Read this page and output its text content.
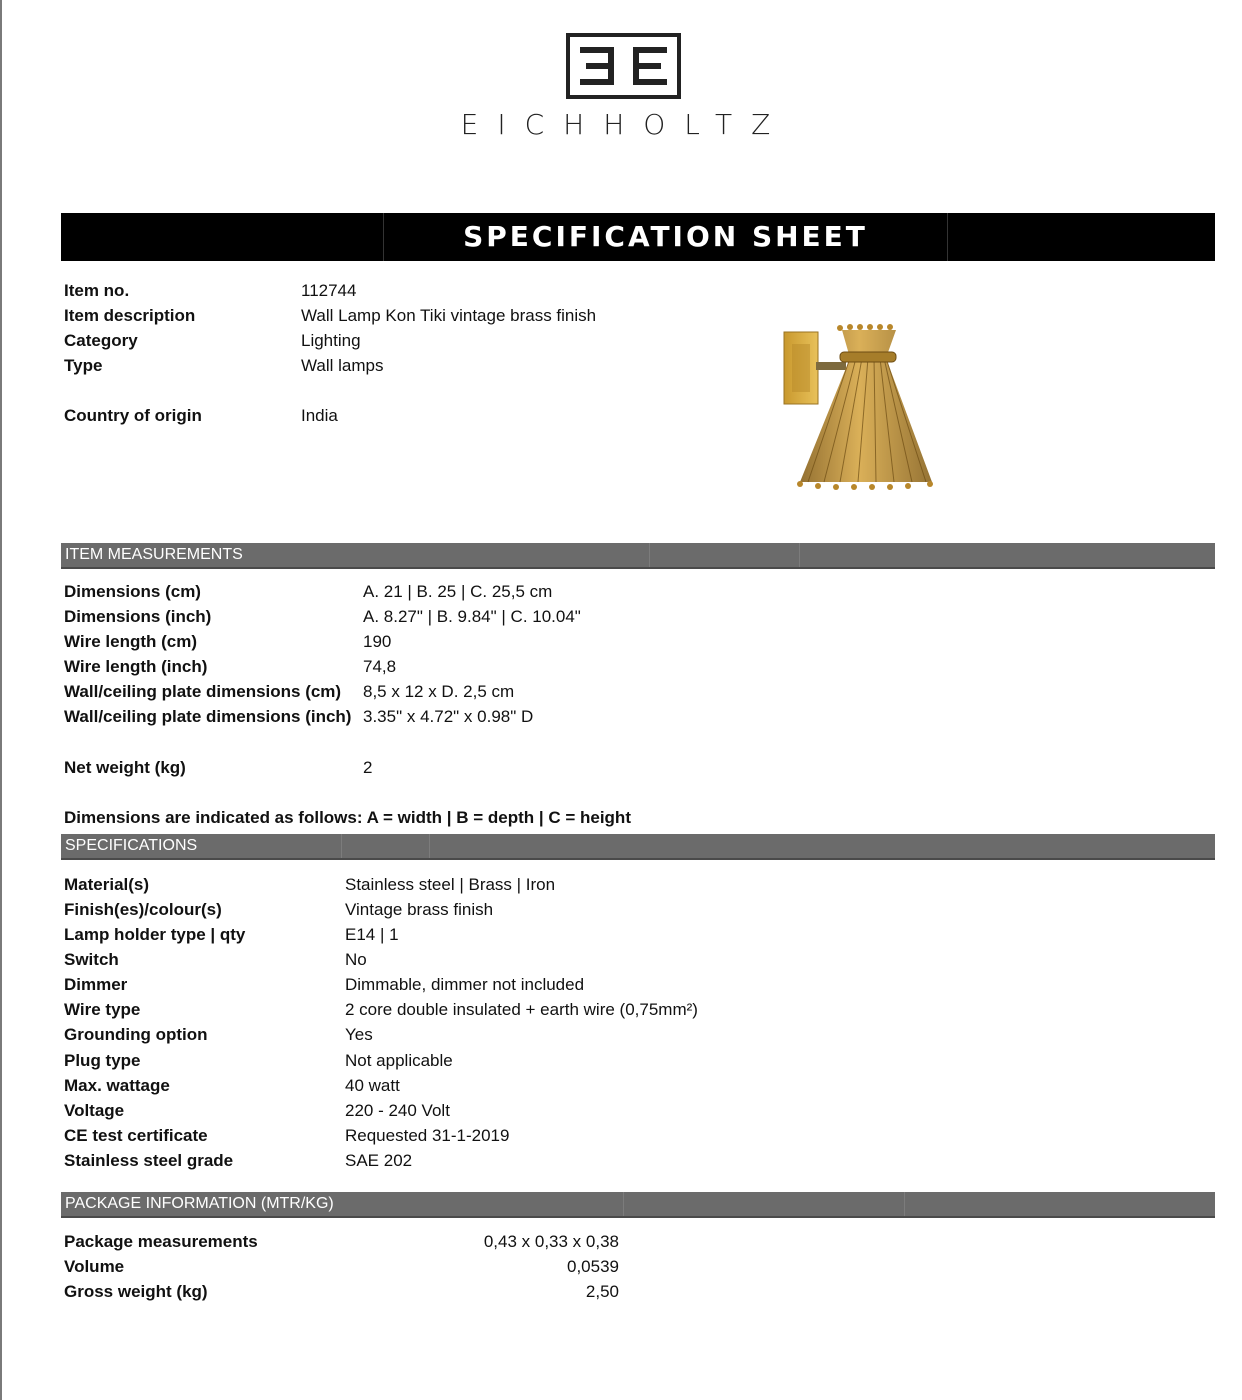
EICHHOLTZ
SPECIFICATION SHEET
Item no.	112744
Item description	Wall Lamp Kon Tiki vintage brass finish
Category	Lighting
Type	Wall lamps
Country of origin	India
ITEM MEASUREMENTS
Dimensions (cm)	A. 21 | B. 25 | C. 25,5 cm
Dimensions (inch)	A. 8.27" | B. 9.84" | C. 10.04"
Wire length (cm)	190
Wire length (inch)	74,8
Wall/ceiling plate dimensions (cm) 8,5 x 12 x D. 2,5 cm
Wall/ceiling plate dimensions (inch) 3.35" x 4.72" x 0.98" D
Net weight (kg)	2
Dimensions are indicated as follows: A = width | B = depth | C = height
SPECIFICATIONS
Material(s)	Stainless steel | Brass | Iron
Finish(es)/colour(s)	Vintage brass finish
Lamp holder type | qty	E14 | 1
Switch	No
Dimmer	Dimmable, dimmer not included
Wire type	2 core double insulated + earth wire (0,75mm²)
Grounding option	Yes
Plug type	Not applicable
Max. wattage	40 watt
Voltage	220 - 240 Volt
CE test certificate	Requested 31-1-2019
Stainless steel grade	SAE 202
PACKAGE INFORMATION (MTR/KG)
Package measurements	0,43 x 0,33 x 0,38
Volume	0,0539
Gross weight (kg)	2,50
